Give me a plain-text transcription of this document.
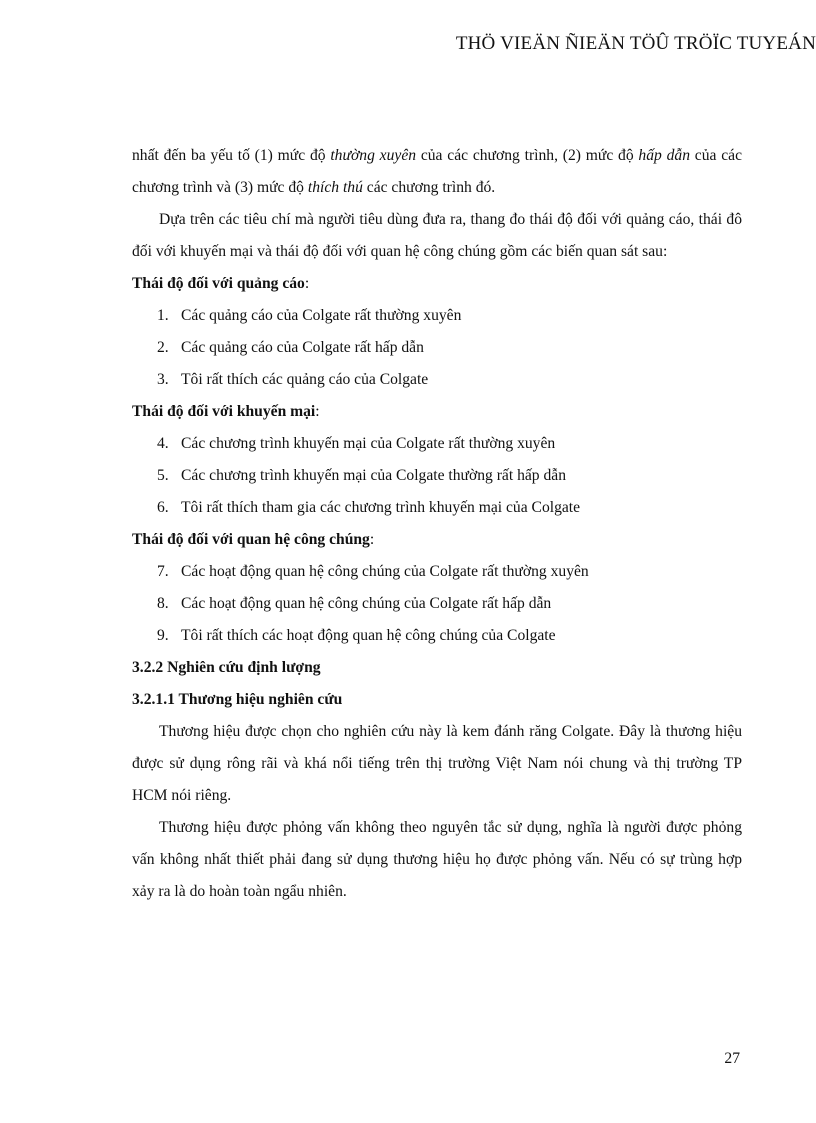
THÖ VIEÄN ÑIEÄN TÖÛ TRÖÏC TUYEÁN

nhất đến ba yếu tố (1) mức độ thường xuyên của các chương trình, (2) mức độ hấp dẫn của các chương trình và (3) mức độ thích thú các chương trình đó.

Dựa trên các tiêu chí mà người tiêu dùng đưa ra, thang đo thái độ đối với quảng cáo, thái đô đối với khuyến mại và thái độ đối với quan hệ công chúng gồm các biến quan sát sau:

Thái độ đối với quảng cáo:

1. Các quảng cáo của Colgate rất thường xuyên
2. Các quảng cáo của Colgate rất hấp dẫn
3. Tôi rất thích các quảng cáo của Colgate

Thái độ đối với khuyến mại:

4. Các chương trình khuyến mại của Colgate rất thường xuyên
5. Các chương trình khuyến mại của Colgate thường rất hấp dẫn
6. Tôi rất thích tham gia các chương trình khuyến mại của Colgate

Thái độ đối với quan hệ công chúng:

7. Các hoạt động quan hệ công chúng của Colgate rất thường xuyên
8. Các hoạt động quan hệ công chúng của Colgate rất hấp dẫn
9. Tôi rất thích các hoạt động quan hệ công chúng của Colgate

3.2.2 Nghiên cứu định lượng

3.2.1.1 Thương hiệu nghiên cứu

Thương hiệu được chọn cho nghiên cứu này là kem đánh răng Colgate. Đây là thương hiệu được sử dụng rông rãi và khá nổi tiếng trên thị trường Việt Nam nói chung và thị trường TP HCM nói riêng.

Thương hiệu được phỏng vấn không theo nguyên tắc sử dụng, nghĩa là người được phỏng vấn không nhất thiết phải đang sử dụng thương hiệu họ được phỏng vấn. Nếu có sự trùng hợp xảy ra là do hoàn toàn ngẩu nhiên.

27
